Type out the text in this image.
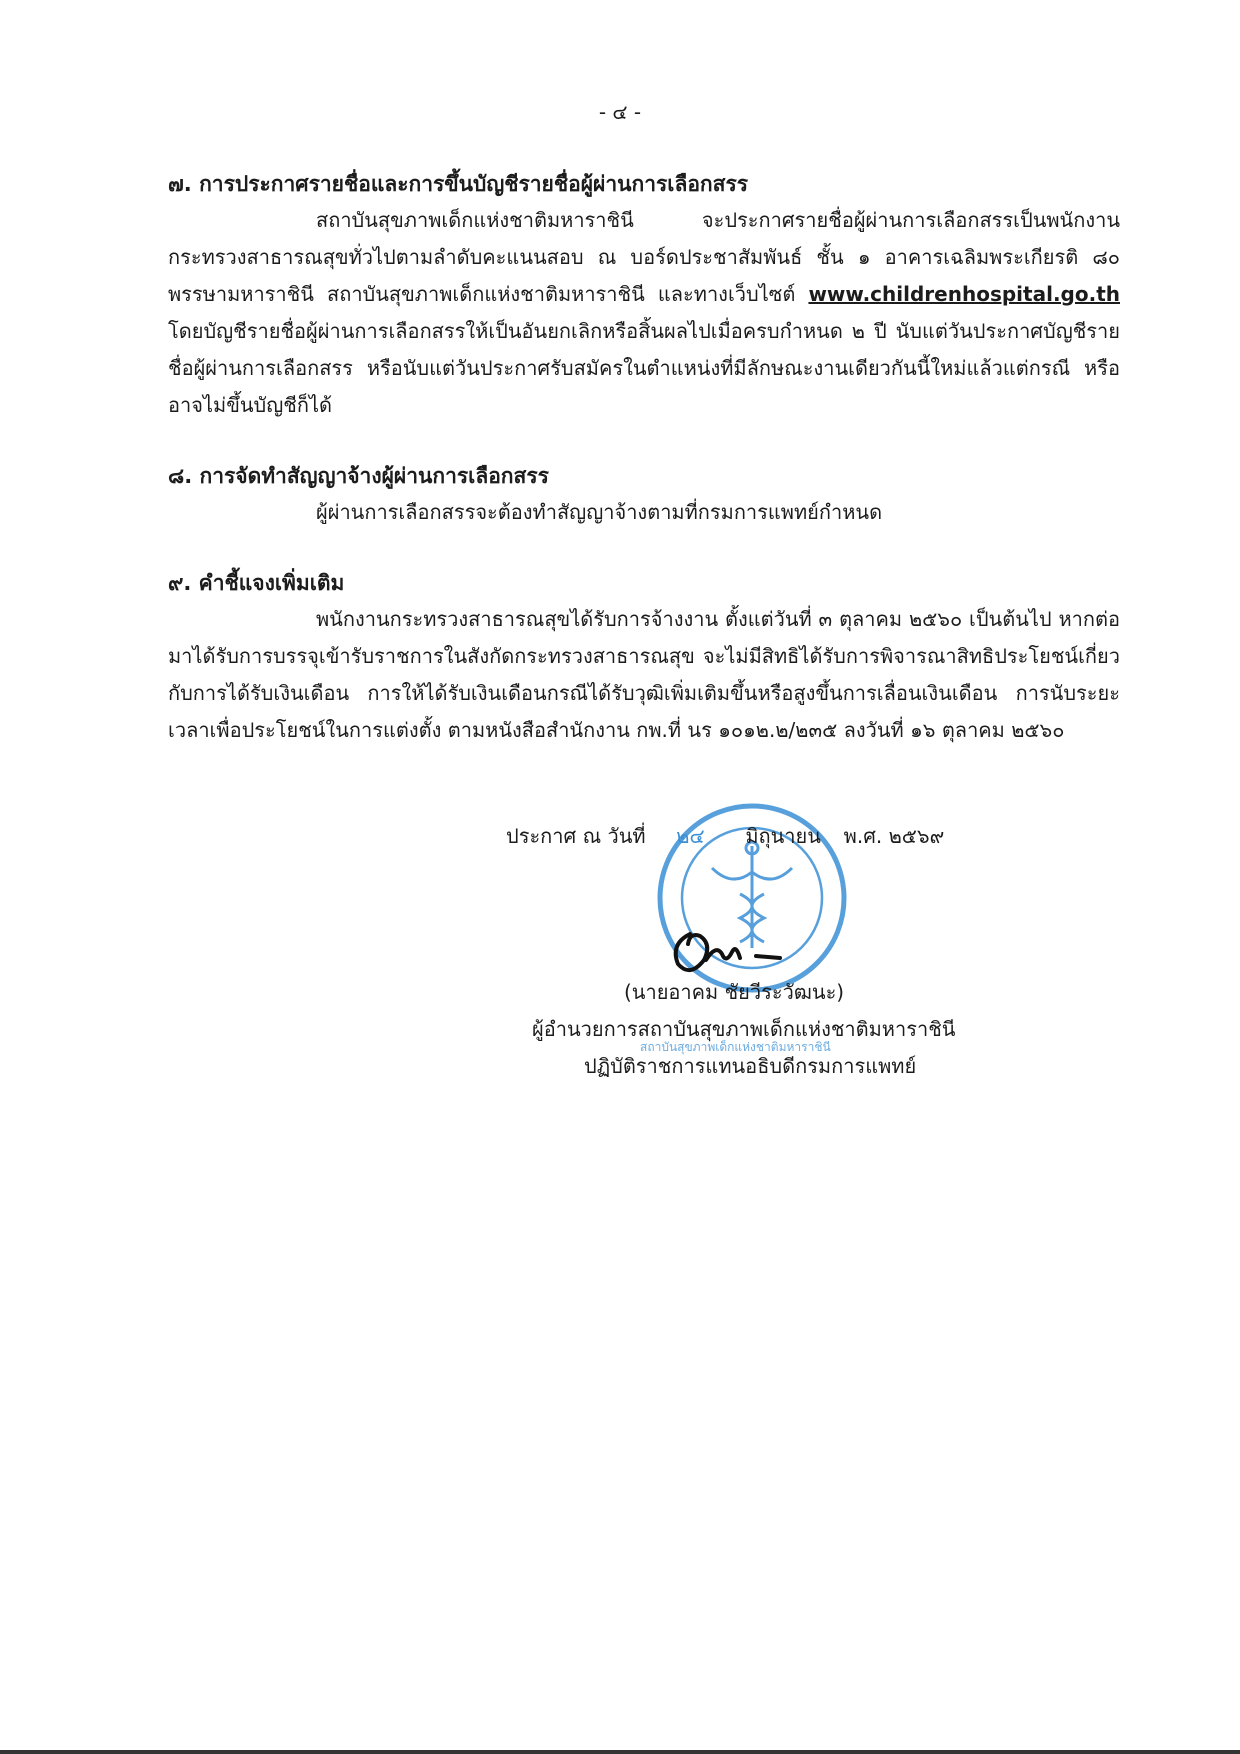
- ๔ -

๗. การประกาศรายชื่อและการขึ้นบัญชีรายชื่อผู้ผ่านการเลือกสรร

สถาบันสุขภาพเด็กแห่งชาติมหาราชินี จะประกาศรายชื่อผู้ผ่านการเลือกสรรเป็นพนักงานกระทรวงสาธารณสุขทั่วไปตามลำดับคะแนนสอบ ณ บอร์ดประชาสัมพันธ์ ชั้น ๑ อาคารเฉลิมพระเกียรติ ๘๐ พรรษามหาราชินี สถาบันสุขภาพเด็กแห่งชาติมหาราชินี และทางเว็บไซต์ www.childrenhospital.go.th โดยบัญชีรายชื่อผู้ผ่านการเลือกสรรให้เป็นอันยกเลิกหรือสิ้นผลไปเมื่อครบกำหนด ๒ ปี นับแต่วันประกาศบัญชีรายชื่อผู้ผ่านการเลือกสรร หรือนับแต่วันประกาศรับสมัครในตำแหน่งที่มีลักษณะงานเดียวกันนี้ใหม่แล้วแต่กรณี หรืออาจไม่ขึ้นบัญชีก็ได้

๘. การจัดทำสัญญาจ้างผู้ผ่านการเลือกสรร

ผู้ผ่านการเลือกสรรจะต้องทำสัญญาจ้างตามที่กรมการแพทย์กำหนด

๙. คำชี้แจงเพิ่มเติม

พนักงานกระทรวงสาธารณสุขได้รับการจ้างงาน ตั้งแต่วันที่ ๓ ตุลาคม ๒๕๖๐ เป็นต้นไป หากต่อมาได้รับการบรรจุเข้ารับราชการในสังกัดกระทรวงสาธารณสุข จะไม่มีสิทธิได้รับการพิจารณาสิทธิประโยชน์เกี่ยวกับการได้รับเงินเดือน การให้ได้รับเงินเดือนกรณีได้รับวุฒิเพิ่มเติมขึ้นหรือสูงขึ้นการเลื่อนเงินเดือน การนับระยะเวลาเพื่อประโยชน์ในการแต่งตั้ง ตามหนังสือสำนักงาน กพ.ที่ นร ๑๐๑๒.๒/๒๓๕ ลงวันที่ ๑๖ ตุลาคม ๒๕๖๐

ประกาศ ณ วันที่ ๒๔ มิถุนายน พ.ศ. ๒๕๖๙
(นายอาคม ชัยวีระวัฒนะ)
ผู้อำนวยการสถาบันสุขภาพเด็กแห่งชาติมหาราชินี
สถาบันสุขภาพเด็กแห่งชาติมหาราชินี
ปฏิบัติราชการแทนอธิบดีกรมการแพทย์
